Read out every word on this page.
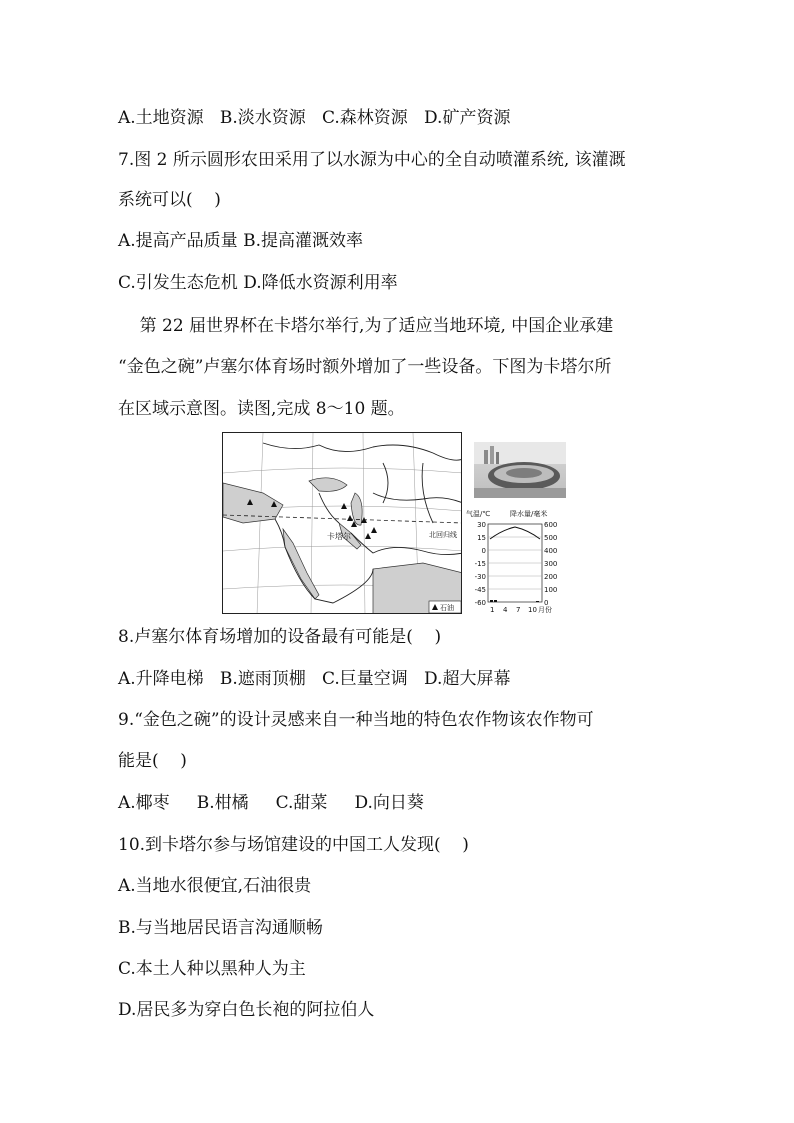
A.土地资源   B.淡水资源   C.森林资源   D.矿产资源
7.图 2 所示圆形农田采用了以水源为中心的全自动喷灌系统, 该灌溉
系统可以(    )
A.提高产品质量 B.提高灌溉效率
C.引发生态危机 D.降低水资源利用率
第 22 届世界杯在卡塔尔举行,为了适应当地环境, 中国企业承建
“金色之碗”卢塞尔体育场时额外增加了一些设备。下图为卡塔尔所
在区域示意图。读图,完成 8～10 题。
北回归线
卡塔尔
石油
气温/℃	降水量/毫米
30
15
0
-15
-30
-45
-60
600
500
400
300
200
100
0
1 4 7 10 月份
8.卢塞尔体育场增加的设备最有可能是(    )
A.升降电梯   B.遮雨顶棚   C.巨量空调   D.超大屏幕
9.“金色之碗”的设计灵感来自一种当地的特色农作物该农作物可
能是(    )
A.椰枣     B.柑橘     C.甜菜     D.向日葵
10.到卡塔尔参与场馆建设的中国工人发现(    )
A.当地水很便宜,石油很贵
B.与当地居民语言沟通顺畅
C.本土人种以黑种人为主
D.居民多为穿白色长袍的阿拉伯人
